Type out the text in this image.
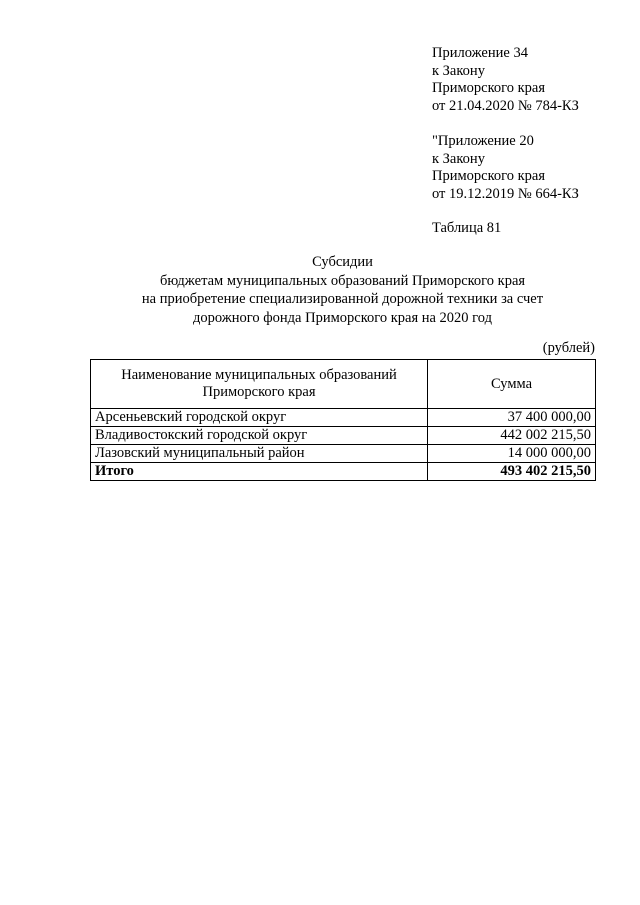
Приложение 34
к Закону
Приморского края
от 21.04.2020 № 784-КЗ
"Приложение 20
к Закону
Приморского края
от 19.12.2019 № 664-КЗ
Таблица 81
Субсидии
бюджетам муниципальных образований Приморского края
на приобретение специализированной дорожной техники за счет
дорожного фонда Приморского края на 2020 год
(рублей)
Наименование муниципальных образований
Приморского края	Сумма
Арсеньевский городской округ	37 400 000,00
Владивостокский городской округ	442 002 215,50
Лазовский муниципальный район	14 000 000,00
Итого	493 402 215,50
